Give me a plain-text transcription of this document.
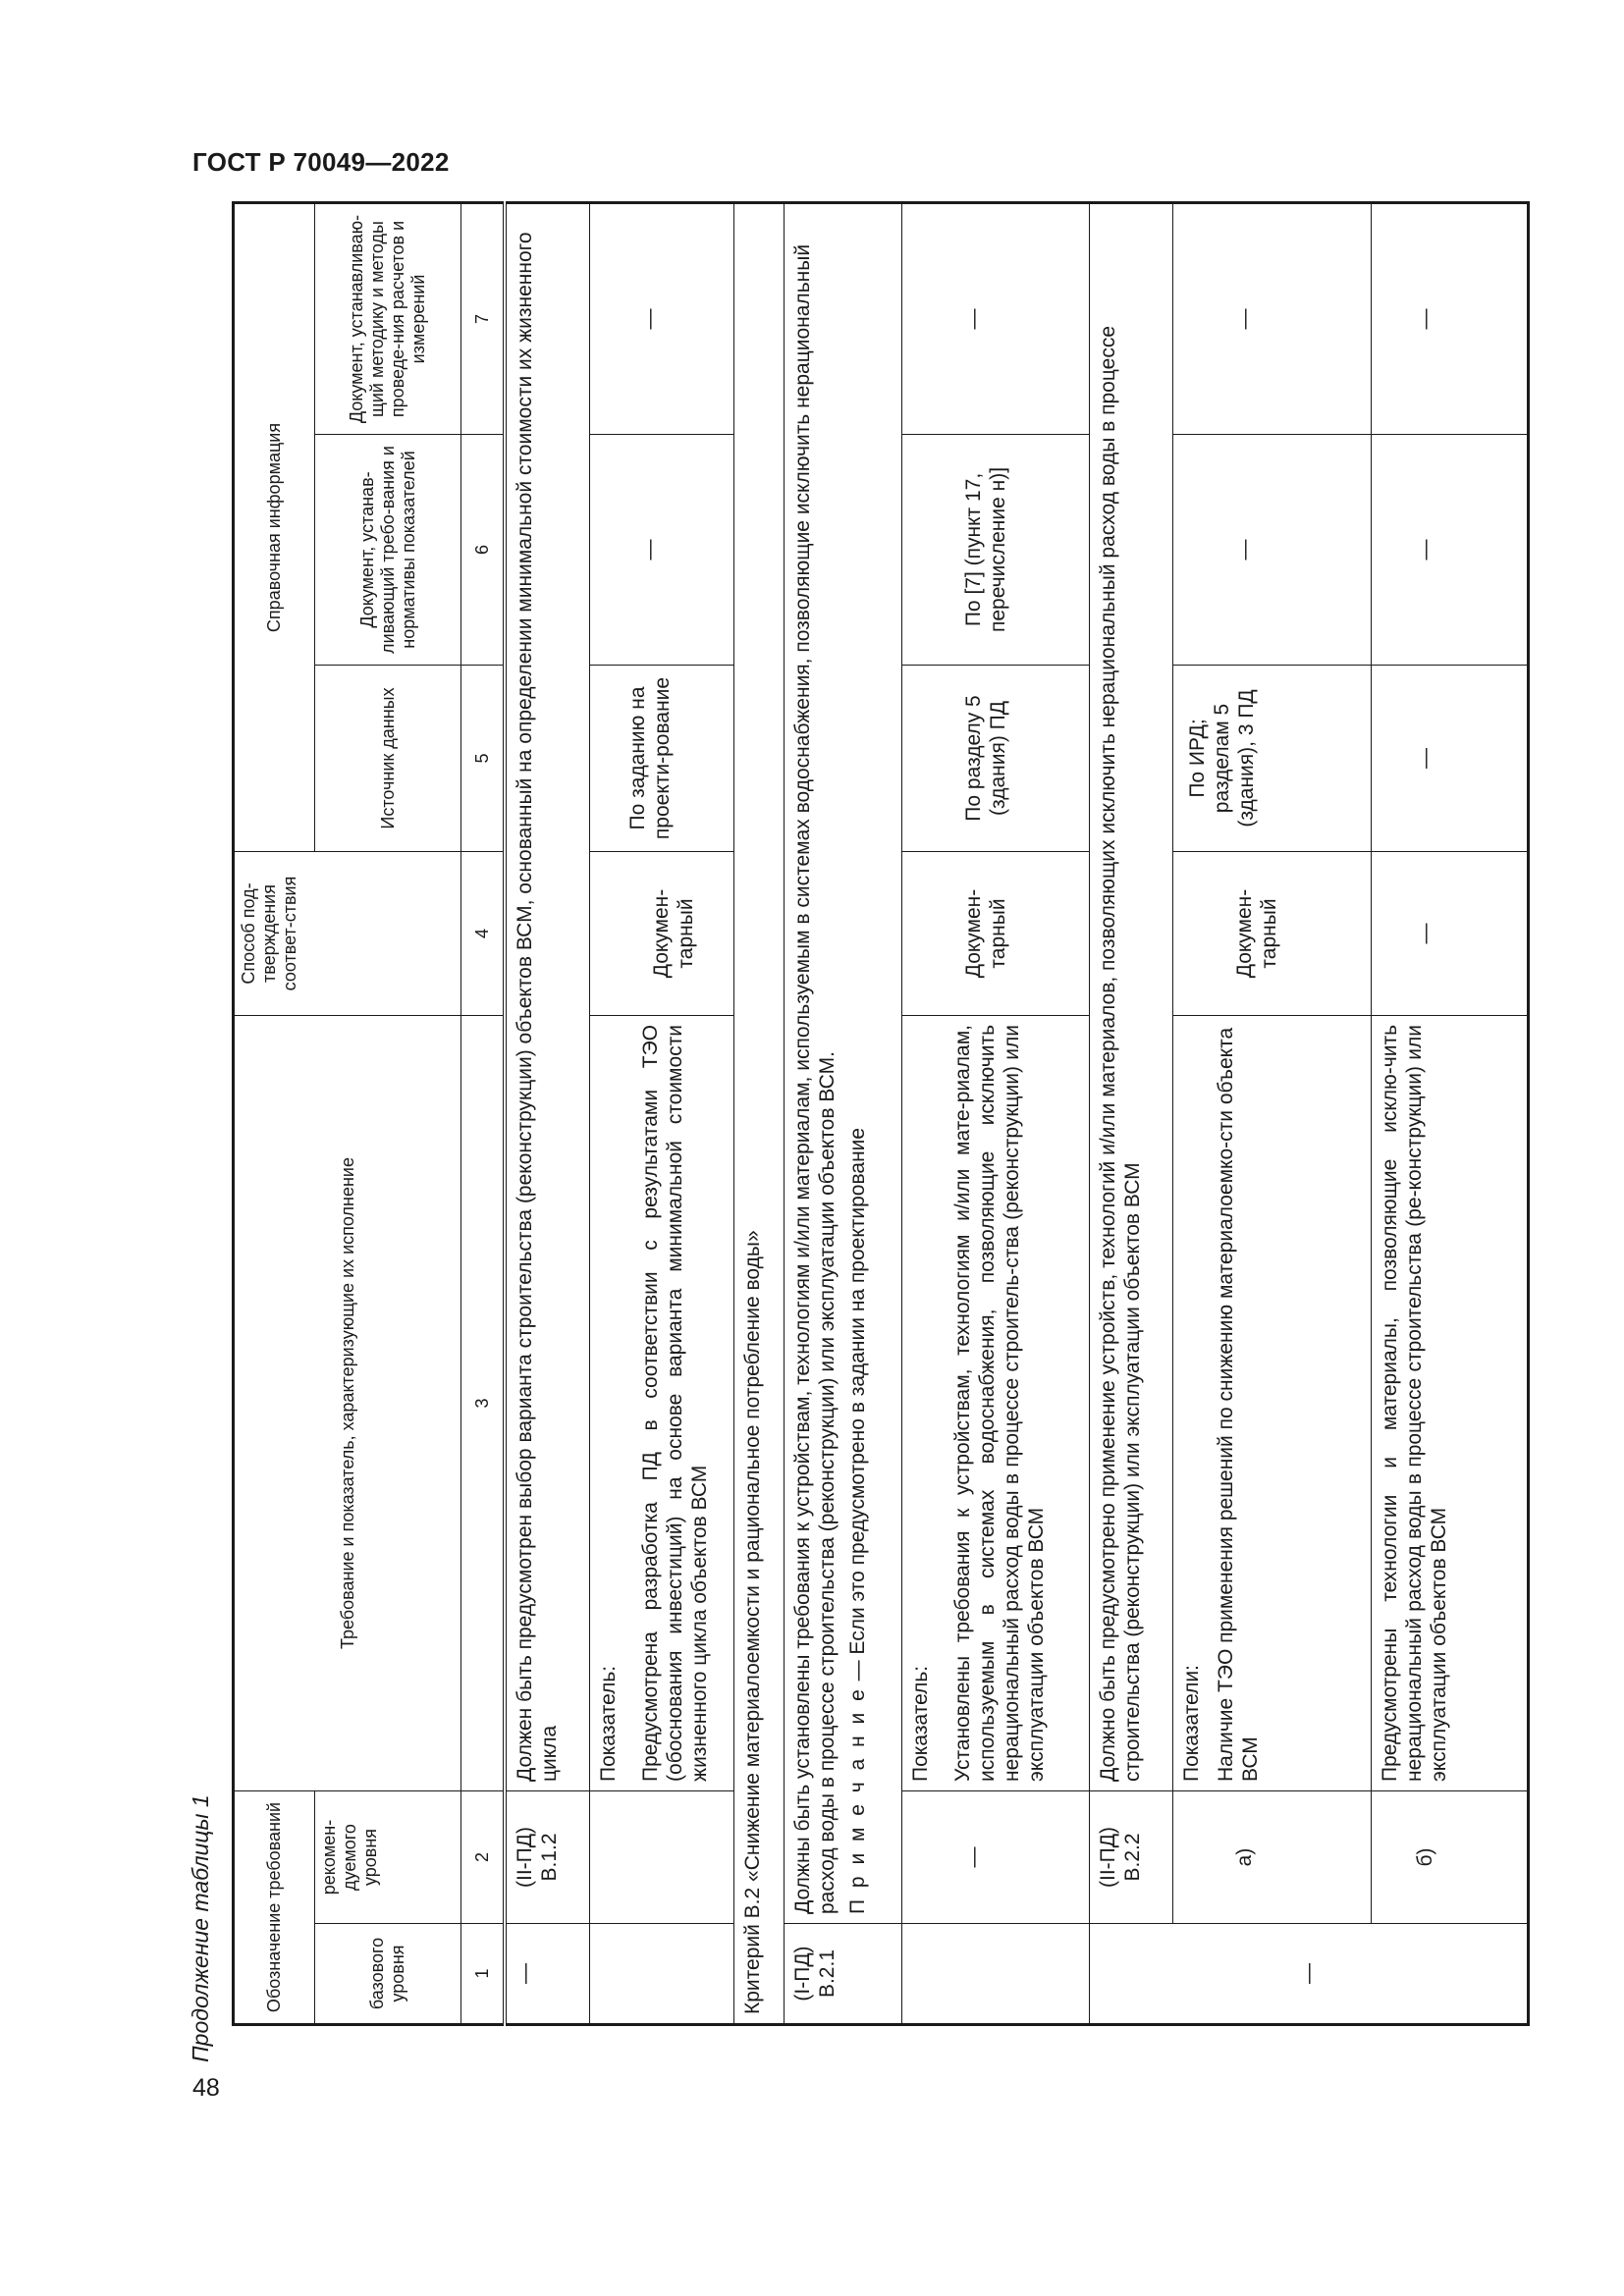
ГОСТ Р 70049—2022
Продолжение таблицы 1	Обозначение требований		Требование и показатель, характеризующие их исполнение	Способ под-тверждения соответ-ствия	Справочная информация		
базового уровня	рекомен-дуемого уровня			Источник данных	Документ, устанав-ливающий требо-вания и нормативы показателей	Документ, устанавливаю-щий методику и методы проведе-ния расчетов и измерений
1	2	3	4	5	6	7
—	(II-ПД) В.1.2	Должен быть предусмотрен выбор варианта строительства (реконструкции) объектов ВСМ, основанный на определении минимальной стоимости их жизненного цикла				

		Показатель: Предусмотрена разработка ПД в соответствии с результатами ТЭО (обоснования инвестиций) на основе варианта минимальной стоимости жизненного цикла объектов ВСМ	Докумен-тарный	По заданию на проекти-рование	—	—
Критерий В.2 «Снижение материалоемкости и рациональное потребление воды»						
(I-ПД) В.2.1	Должны быть установлены требования к устройствам, технологиям и/или материалам, используемым в системах водоснабжения, позволяющие исключить нерациональный расход воды в процессе строительства (реконструкции) или эксплуатации объектов ВСМ. П р и м е ч а н и е — Если это предусмотрено в задании на проектирование					

	—	Показатель: Установлены требования к устройствам, технологиям и/или мате-риалам, используемым в системах водоснабжения, позволяющие исключить нерациональный расход воды в процессе строитель-ства (реконструкции) или эксплуатации объектов ВСМ	Докумен-тарный	По разделу 5 (здания) ПД	По [7] (пункт 17, перечисление н)]	—
—	(II-ПД) В.2.2	Должно быть предусмотрено применение устройств, технологий и/или материалов, позволяющих исключить нерациональный расход воды в процессе строительства (реконструкции) или эксплуатации объектов ВСМ				
	а)	Показатели: Наличие ТЭО применения решений по снижению материалоемко-сти объекта ВСМ	Докумен-тарный	По ИРД; разделам 5 (здания), 3 ПД	—	—
	б)	Предусмотрены технологии и материалы, позволяющие исклю-чить нерациональный расход воды в процессе строительства (ре-конструкции) или эксплуатации объектов ВСМ	—	—	—	—
48
